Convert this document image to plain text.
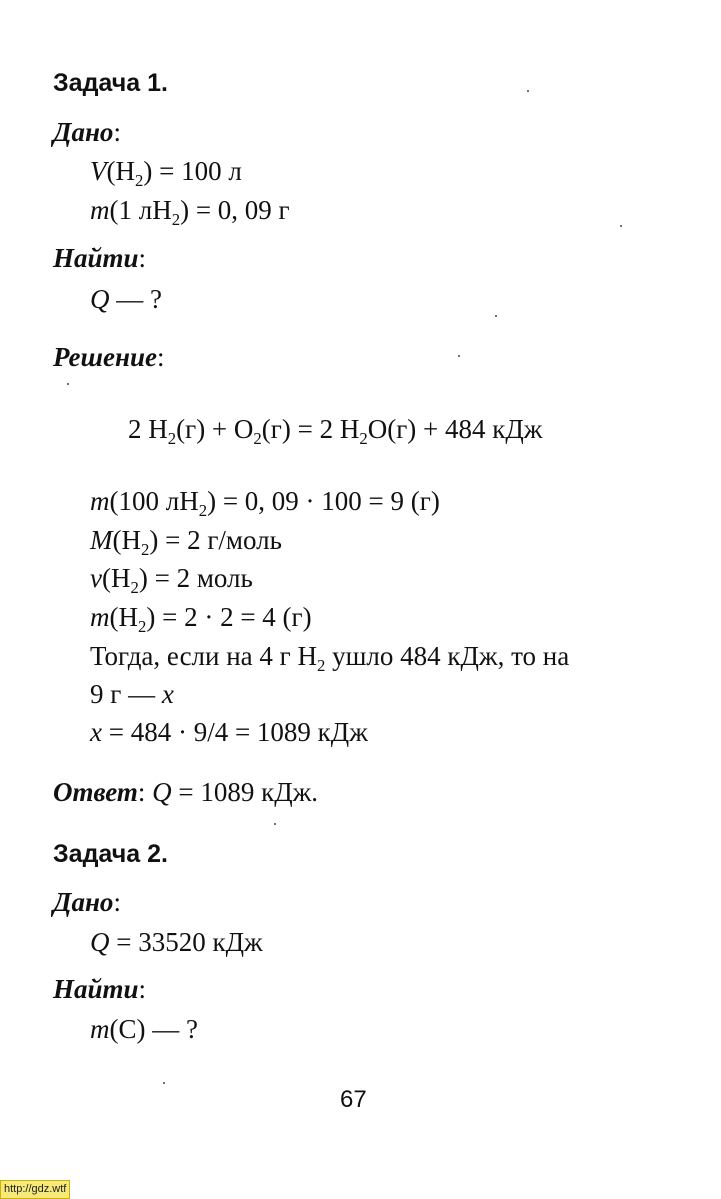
Задача 1.
Дано:
$V(H_2) = 100$ л
m(1 $лH_2) = 0$, 09 г
Найти:
Q — ?
Решение:
2 $H_2(г) + O_2(г) = 2$ $H_2O(г) + 484$ кДж
m(100 $лH_2) = 0$, 09 · 100 = 9 (г)
$M(H_2) = 2$ г/моль
$\nu(H_2) = 2$ моль
$m(H_2) = 2 \cdot 2 = 4$ (г)
Тогда, если на 4 г $H_2$ ушло 484 кДж, то на
9 г — x
x = 484 · 9/4 = 1089 кДж
Ответ: Q = 1089 кДж.
Задача 2.
Дано:
Q = 33520 кДж
Найти:
m(C) — ?
67
http://gdz.wtf
